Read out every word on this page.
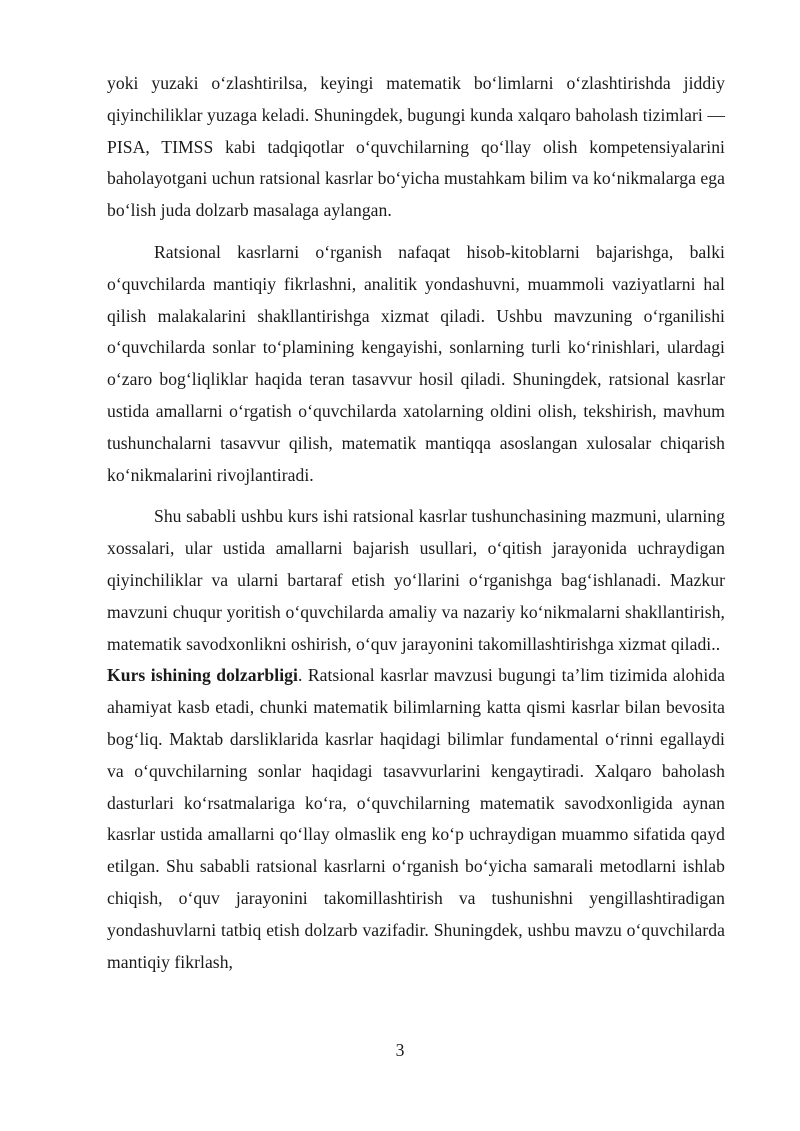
yoki yuzaki o‘zlashtirilsa, keyingi matematik bo‘limlarni o‘zlashtirishda jiddiy qiyinchiliklar yuzaga keladi. Shuningdek, bugungi kunda xalqaro baholash tizimlari — PISA, TIMSS kabi tadqiqotlar o‘quvchilarning qo‘llay olish kompetensiyalarini baholayotgani uchun ratsional kasrlar bo‘yicha mustahkam bilim va ko‘nikmalarga ega bo‘lish juda dolzarb masalaga aylangan.

Ratsional kasrlarni o‘rganish nafaqat hisob-kitoblarni bajarishga, balki o‘quvchilarda mantiqiy fikrlashni, analitik yondashuvni, muammoli vaziyatlarni hal qilish malakalarini shakllantirishga xizmat qiladi. Ushbu mavzuning o‘rganilishi o‘quvchilarda sonlar to‘plamining kengayishi, sonlarning turli ko‘rinishlari, ulardagi o‘zaro bog‘liqliklar haqida teran tasavvur hosil qiladi. Shuningdek, ratsional kasrlar ustida amallarni o‘rgatish o‘quvchilarda xatolarning oldini olish, tekshirish, mavhum tushunchalarni tasavvur qilish, matematik mantiqqa asoslangan xulosalar chiqarish ko‘nikmalarini rivojlantiradi.

Shu sababli ushbu kurs ishi ratsional kasrlar tushunchasining mazmuni, ularning xossalari, ular ustida amallarni bajarish usullari, o‘qitish jarayonida uchraydigan qiyinchiliklar va ularni bartaraf etish yo‘llarini o‘rganishga bag‘ishlanadi. Mazkur mavzuni chuqur yoritish o‘quvchilarda amaliy va nazariy ko‘nikmalarni shakllantirish, matematik savodxonlikni oshirish, o‘quv jarayonini takomillashtirishga xizmat qiladi..

Kurs ishining dolzarbligi. Ratsional kasrlar mavzusi bugungi ta’lim tizimida alohida ahamiyat kasb etadi, chunki matematik bilimlarning katta qismi kasrlar bilan bevosita bog‘liq. Maktab darsliklarida kasrlar haqidagi bilimlar fundamental o‘rinni egallaydi va o‘quvchilarning sonlar haqidagi tasavvurlarini kengaytiradi. Xalqaro baholash dasturlari ko‘rsatmalariga ko‘ra, o‘quvchilarning matematik savodxonligida aynan kasrlar ustida amallarni qo‘llay olmaslik eng ko‘p uchraydigan muammo sifatida qayd etilgan. Shu sababli ratsional kasrlarni o‘rganish bo‘yicha samarali metodlarni ishlab chiqish, o‘quv jarayonini takomillashtirish va tushunishni yengillashtiradigan yondashuvlarni tatbiq etish dolzarb vazifadir. Shuningdek, ushbu mavzu o‘quvchilarda mantiqiy fikrlash,

3
